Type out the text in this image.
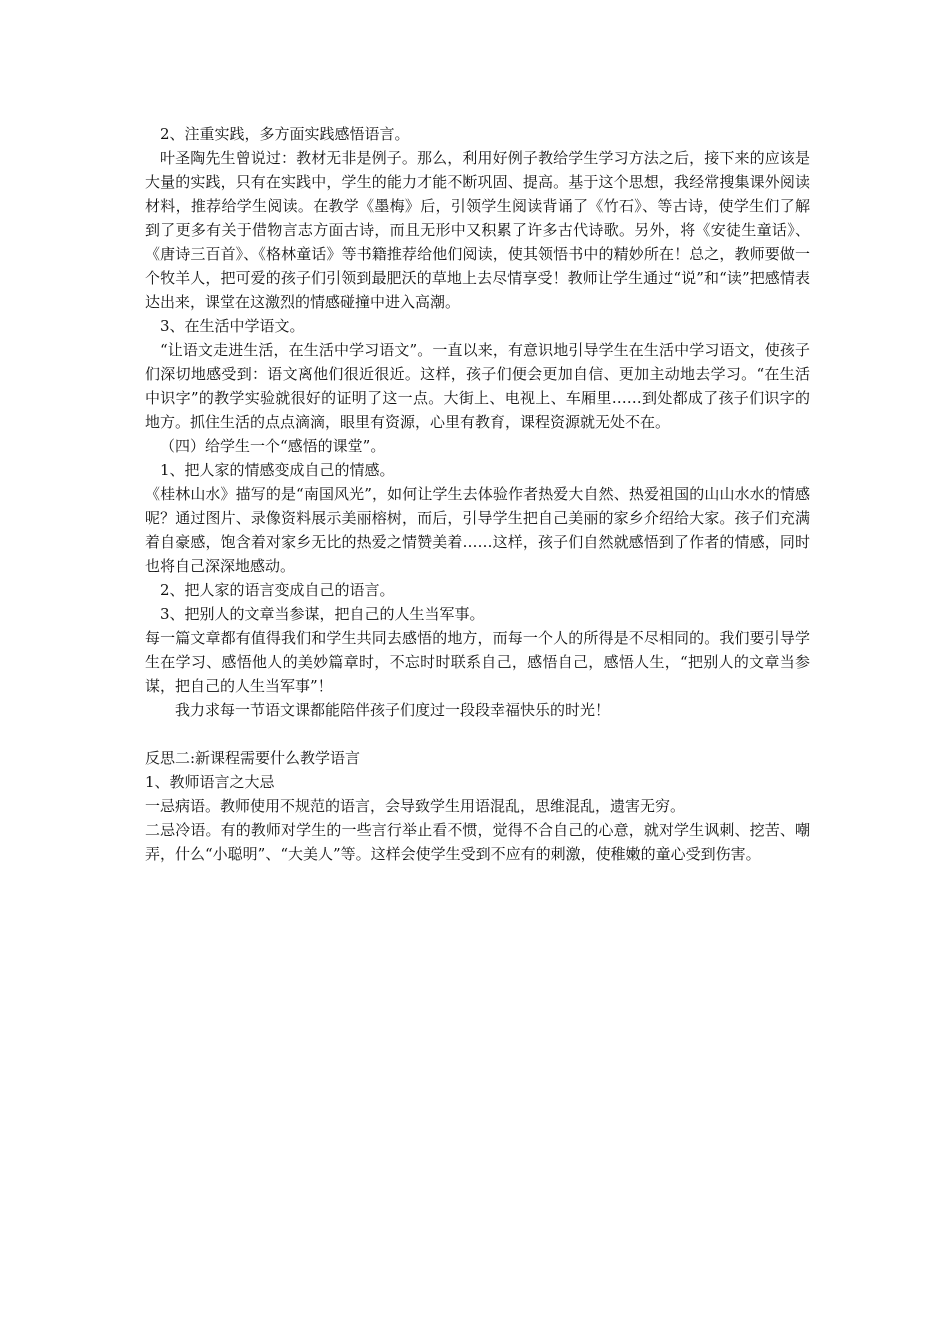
2、注重实践，多方面实践感悟语言。

叶圣陶先生曾说过：教材无非是例子。那么，利用好例子教给学生学习方法之后，接下来的应该是大量的实践，只有在实践中，学生的能力才能不断巩固、提高。基于这个思想，我经常搜集课外阅读材料，推荐给学生阅读。在教学《墨梅》后，引领学生阅读背诵了《竹石》、等古诗，使学生们了解到了更多有关于借物言志方面古诗，而且无形中又积累了许多古代诗歌。另外，将《安徒生童话》、《唐诗三百首》、《格林童话》等书籍推荐给他们阅读，使其领悟书中的精妙所在！总之，教师要做一个牧羊人，把可爱的孩子们引领到最肥沃的草地上去尽情享受！教师让学生通过“说”和“读”把感情表达出来，课堂在这激烈的情感碰撞中进入高潮。

3、在生活中学语文。

“让语文走进生活，在生活中学习语文”。一直以来，有意识地引导学生在生活中学习语文，使孩子们深切地感受到：语文离他们很近很近。这样，孩子们便会更加自信、更加主动地去学习。“在生活中识字”的教学实验就很好的证明了这一点。大街上、电视上、车厢里……到处都成了孩子们识字的地方。抓住生活的点点滴滴，眼里有资源，心里有教育，课程资源就无处不在。

（四）给学生一个“感悟的课堂”。

1、把人家的情感变成自己的情感。

《桂林山水》描写的是“南国风光”，如何让学生去体验作者热爱大自然、热爱祖国的山山水水的情感呢？通过图片、录像资料展示美丽榕树，而后，引导学生把自己美丽的家乡介绍给大家。孩子们充满着自豪感，饱含着对家乡无比的热爱之情赞美着……这样，孩子们自然就感悟到了作者的情感，同时也将自己深深地感动。

2、把人家的语言变成自己的语言。

3、把别人的文章当参谋，把自己的人生当军事。

每一篇文章都有值得我们和学生共同去感悟的地方，而每一个人的所得是不尽相同的。我们要引导学生在学习、感悟他人的美妙篇章时，不忘时时联系自己，感悟自己，感悟人生，“把别人的文章当参谋，把自己的人生当军事”！

我力求每一节语文课都能陪伴孩子们度过一段段幸福快乐的时光！

反思二:新课程需要什么教学语言

1、教师语言之大忌

一忌病语。教师使用不规范的语言，会导致学生用语混乱，思维混乱，遗害无穷。

二忌冷语。有的教师对学生的一些言行举止看不惯，觉得不合自己的心意，就对学生讽刺、挖苦、嘲弄，什么“小聪明”、“大美人”等。这样会使学生受到不应有的刺激，使稚嫩的童心受到伤害。
